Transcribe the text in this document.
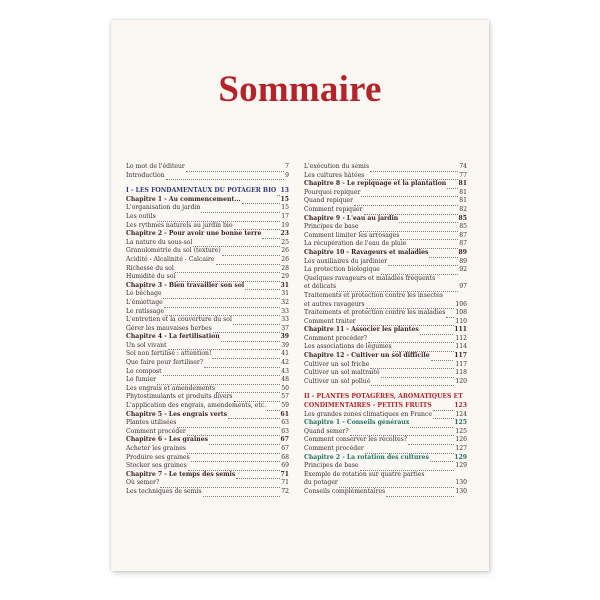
Sommaire
Le mot de l'éditeur	7
Introduction	9
I - LES FONDAMENTAUX DU POTAGER BIO 13
Chapitre 1 - Au commencement...	15
L'organisation du jardin	15
Les outils	17
Les rythmes naturels au jardin bio	19
Chapitre 2 - Pour avoir une bonne terre	23
La nature du sous-sol	25
Granulométrie du sol (texture)	26
Acidité - Alcalinité - Calcaire	26
Richesse du sol	28
Humidité du sol	29
Chapitre 3 - Bien travailler son sol	31
Le bêchage	31
L'émiettage	32
Le ratissage	33
L'entretien et la couverture du sol	33
Gérer les mauvaises herbes	37
Chapitre 4 - La fertilisation	39
Un sol vivant	39
Sol non fertilisé : attention!	41
Que faire pour fertiliser?	42
Le compost	43
Le fumier	48
Les engrais et amendements	50
Phytostimulants et produits divers	57
L'application des engrais, amendements, etc. 59
Chapitre 5 - Les engrais verts	61
Plantes utilisées	63
Comment procéder	63
Chapitre 6 - Les graines	67
Acheter les graines	67
Produire ses graines	68
Stocker ses graines	69
Chapitre 7 - Le temps des semis	71
Où semer?	71
Les techniques de semis	72
L'exécution du semis	74
Les cultures hâtées	77
Chapitre 8 - Le repiquage et la plantation 81
Pourquoi repiquer	81
Quand repiquer	81
Comment repiquer	82
Chapitre 9 - L'eau au jardin	85
Principes de base	85
Comment limiter les arrosages	87
La récupération de l'eau de pluie	87
Chapitre 10 - Ravageurs et maladies	89
Les auxiliaires du jardinier	89
La protection biologique	92
Quelques ravageurs et maladies fréquents
et délicats	97
Traitements et protection contre les insectes
et autres ravageurs	106
Traitements et protection contre les maladies 108
Comment traiter	110
Chapitre 11 - Associer les plantes	111
Comment procéder?	112
Les associations de légumes	114
Chapitre 12 - Cultiver un sol difficile	117
Cultiver un sol friche	117
Cultiver un sol maltraité	118
Cultiver un sol pollué	120
II - PLANTES POTAGÈRES, AROMATIQUES ET
CONDIMENTAIRES - PETITS FRUITS	123
Les grandes zones climatiques en France	124
Chapitre 1 - Conseils généraux	125
Quand semer?	125
Comment conserver les récoltes?	126
Comment procéder	127
Chapitre 2 - La rotation des cultures	129
Principes de base	129
Exemple de rotation sur quatre parties
du potager	130
Conseils complémentaires	130
